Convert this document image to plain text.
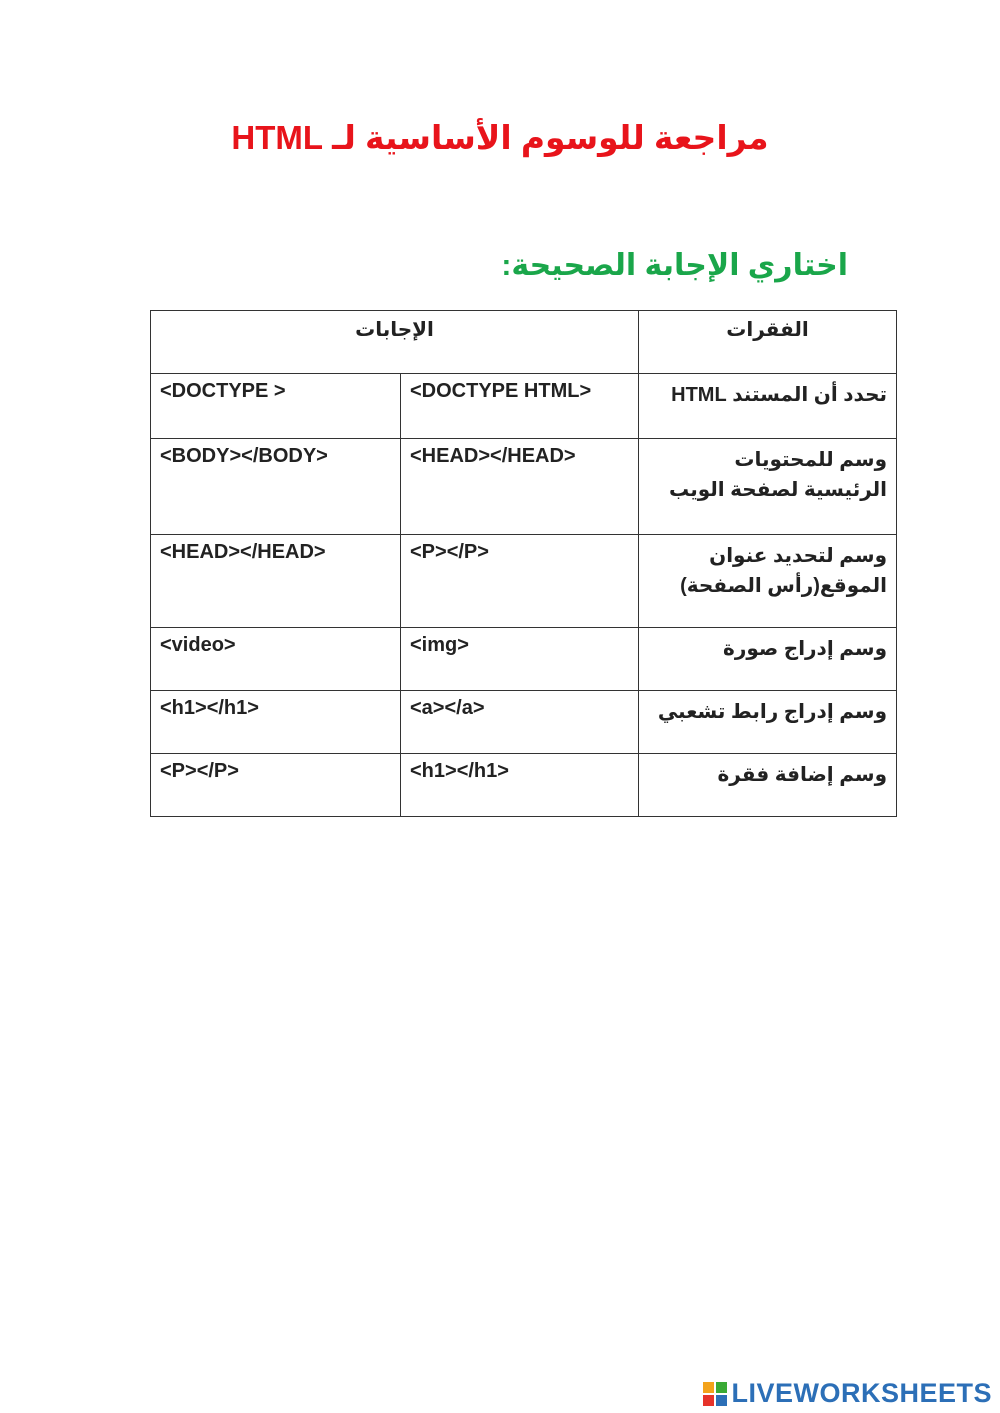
مراجعة للوسوم الأساسية لـ HTML
اختاري الإجابة الصحيحة:
الإجابات		الفقرات
<DOCTYPE >	<DOCTYPE HTML>	تحدد أن المستند HTML
<BODY></BODY>	<HEAD></HEAD>	وسم للمحتويات الرئيسية لصفحة الويب
<HEAD></HEAD>	<P></P>	وسم لتحديد عنوان الموقع(رأس الصفحة)
<video>	<img>	وسم إدراج صورة
<h1></h1>	<a></a>	وسم إدراج رابط تشعبي
<P></P>	<h1></h1>	وسم إضافة فقرة
LIVEWORKSHEETS
